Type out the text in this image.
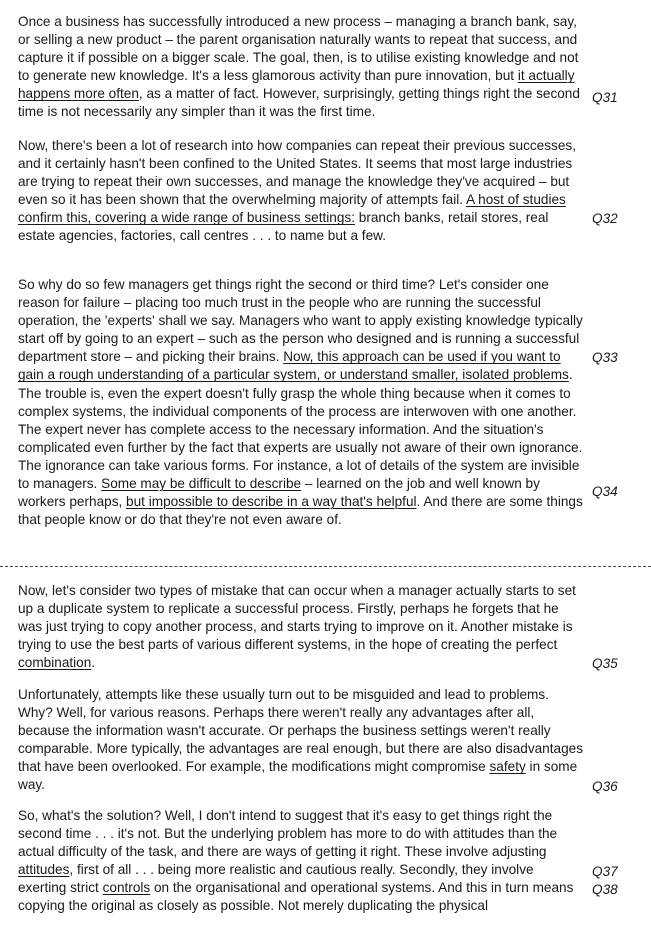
Once a business has successfully introduced a new process – managing a branch bank, say, or selling a new product – the parent organisation naturally wants to repeat that success, and capture it if possible on a bigger scale. The goal, then, is to utilise existing knowledge and not to generate new knowledge. It's a less glamorous activity than pure innovation, but it actually happens more often, as a matter of fact. However, surprisingly, getting things right the second time is not necessarily any simpler than it was the first time.

Now, there's been a lot of research into how companies can repeat their previous successes, and it certainly hasn't been confined to the United States. It seems that most large industries are trying to repeat their own successes, and manage the knowledge they've acquired – but even so it has been shown that the overwhelming majority of attempts fail. A host of studies confirm this, covering a wide range of business settings: branch banks, retail stores, real estate agencies, factories, call centres . . . to name but a few.

So why do so few managers get things right the second or third time? Let's consider one reason for failure – placing too much trust in the people who are running the successful operation, the 'experts' shall we say. Managers who want to apply existing knowledge typically start off by going to an expert – such as the person who designed and is running a successful department store – and picking their brains. Now, this approach can be used if you want to gain a rough understanding of a particular system, or understand smaller, isolated problems. The trouble is, even the expert doesn't fully grasp the whole thing because when it comes to complex systems, the individual components of the process are interwoven with one another. The expert never has complete access to the necessary information. And the situation's complicated even further by the fact that experts are usually not aware of their own ignorance. The ignorance can take various forms. For instance, a lot of details of the system are invisible to managers. Some may be difficult to describe – learned on the job and well known by workers perhaps, but impossible to describe in a way that's helpful. And there are some things that people know or do that they're not even aware of.

Now, let's consider two types of mistake that can occur when a manager actually starts to set up a duplicate system to replicate a successful process. Firstly, perhaps he forgets that he was just trying to copy another process, and starts trying to improve on it. Another mistake is trying to use the best parts of various different systems, in the hope of creating the perfect combination.

Unfortunately, attempts like these usually turn out to be misguided and lead to problems. Why? Well, for various reasons. Perhaps there weren't really any advantages after all, because the information wasn't accurate. Or perhaps the business settings weren't really comparable. More typically, the advantages are real enough, but there are also disadvantages that have been overlooked. For example, the modifications might compromise safety in some way.

So, what's the solution? Well, I don't intend to suggest that it's easy to get things right the second time . . . it's not. But the underlying problem has more to do with attitudes than the actual difficulty of the task, and there are ways of getting it right. These involve adjusting attitudes, first of all . . . being more realistic and cautious really. Secondly, they involve exerting strict controls on the organisational and operational systems. And this in turn means copying the original as closely as possible. Not merely duplicating the physical

Q31
Q32
Q33
Q34
Q35
Q36
Q37
Q38
